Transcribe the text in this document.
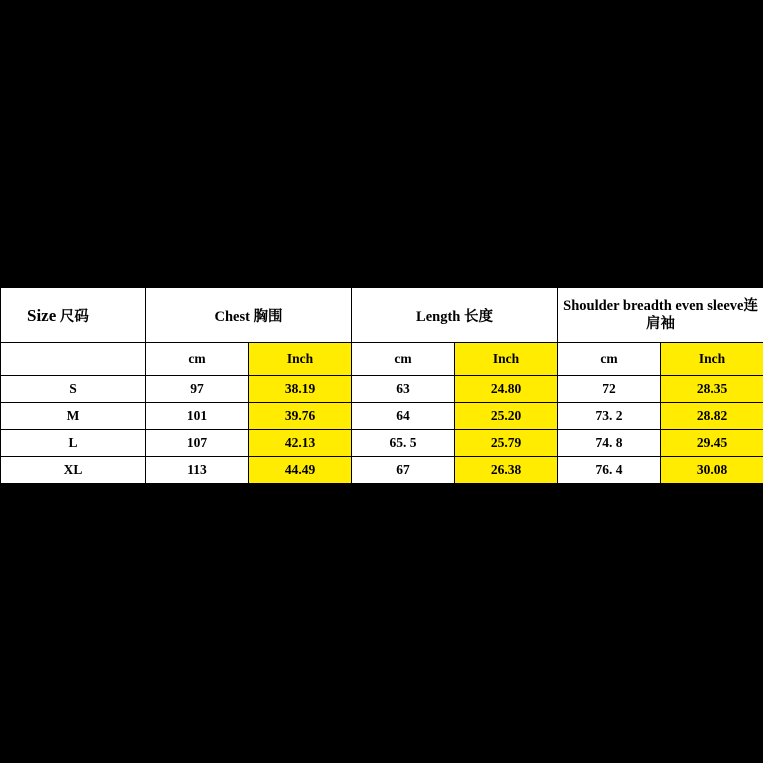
Size 尺码	Chest 胸围		Length 长度		Shoulder breadth even sleeve连肩袖	
	cm	Inch	cm	Inch	cm	Inch
S	97	38.19	63	24.80	72	28.35
M	101	39.76	64	25.20	73. 2	28.82
L	107	42.13	65. 5	25.79	74. 8	29.45
XL	113	44.49	67	26.38	76. 4	30.08
